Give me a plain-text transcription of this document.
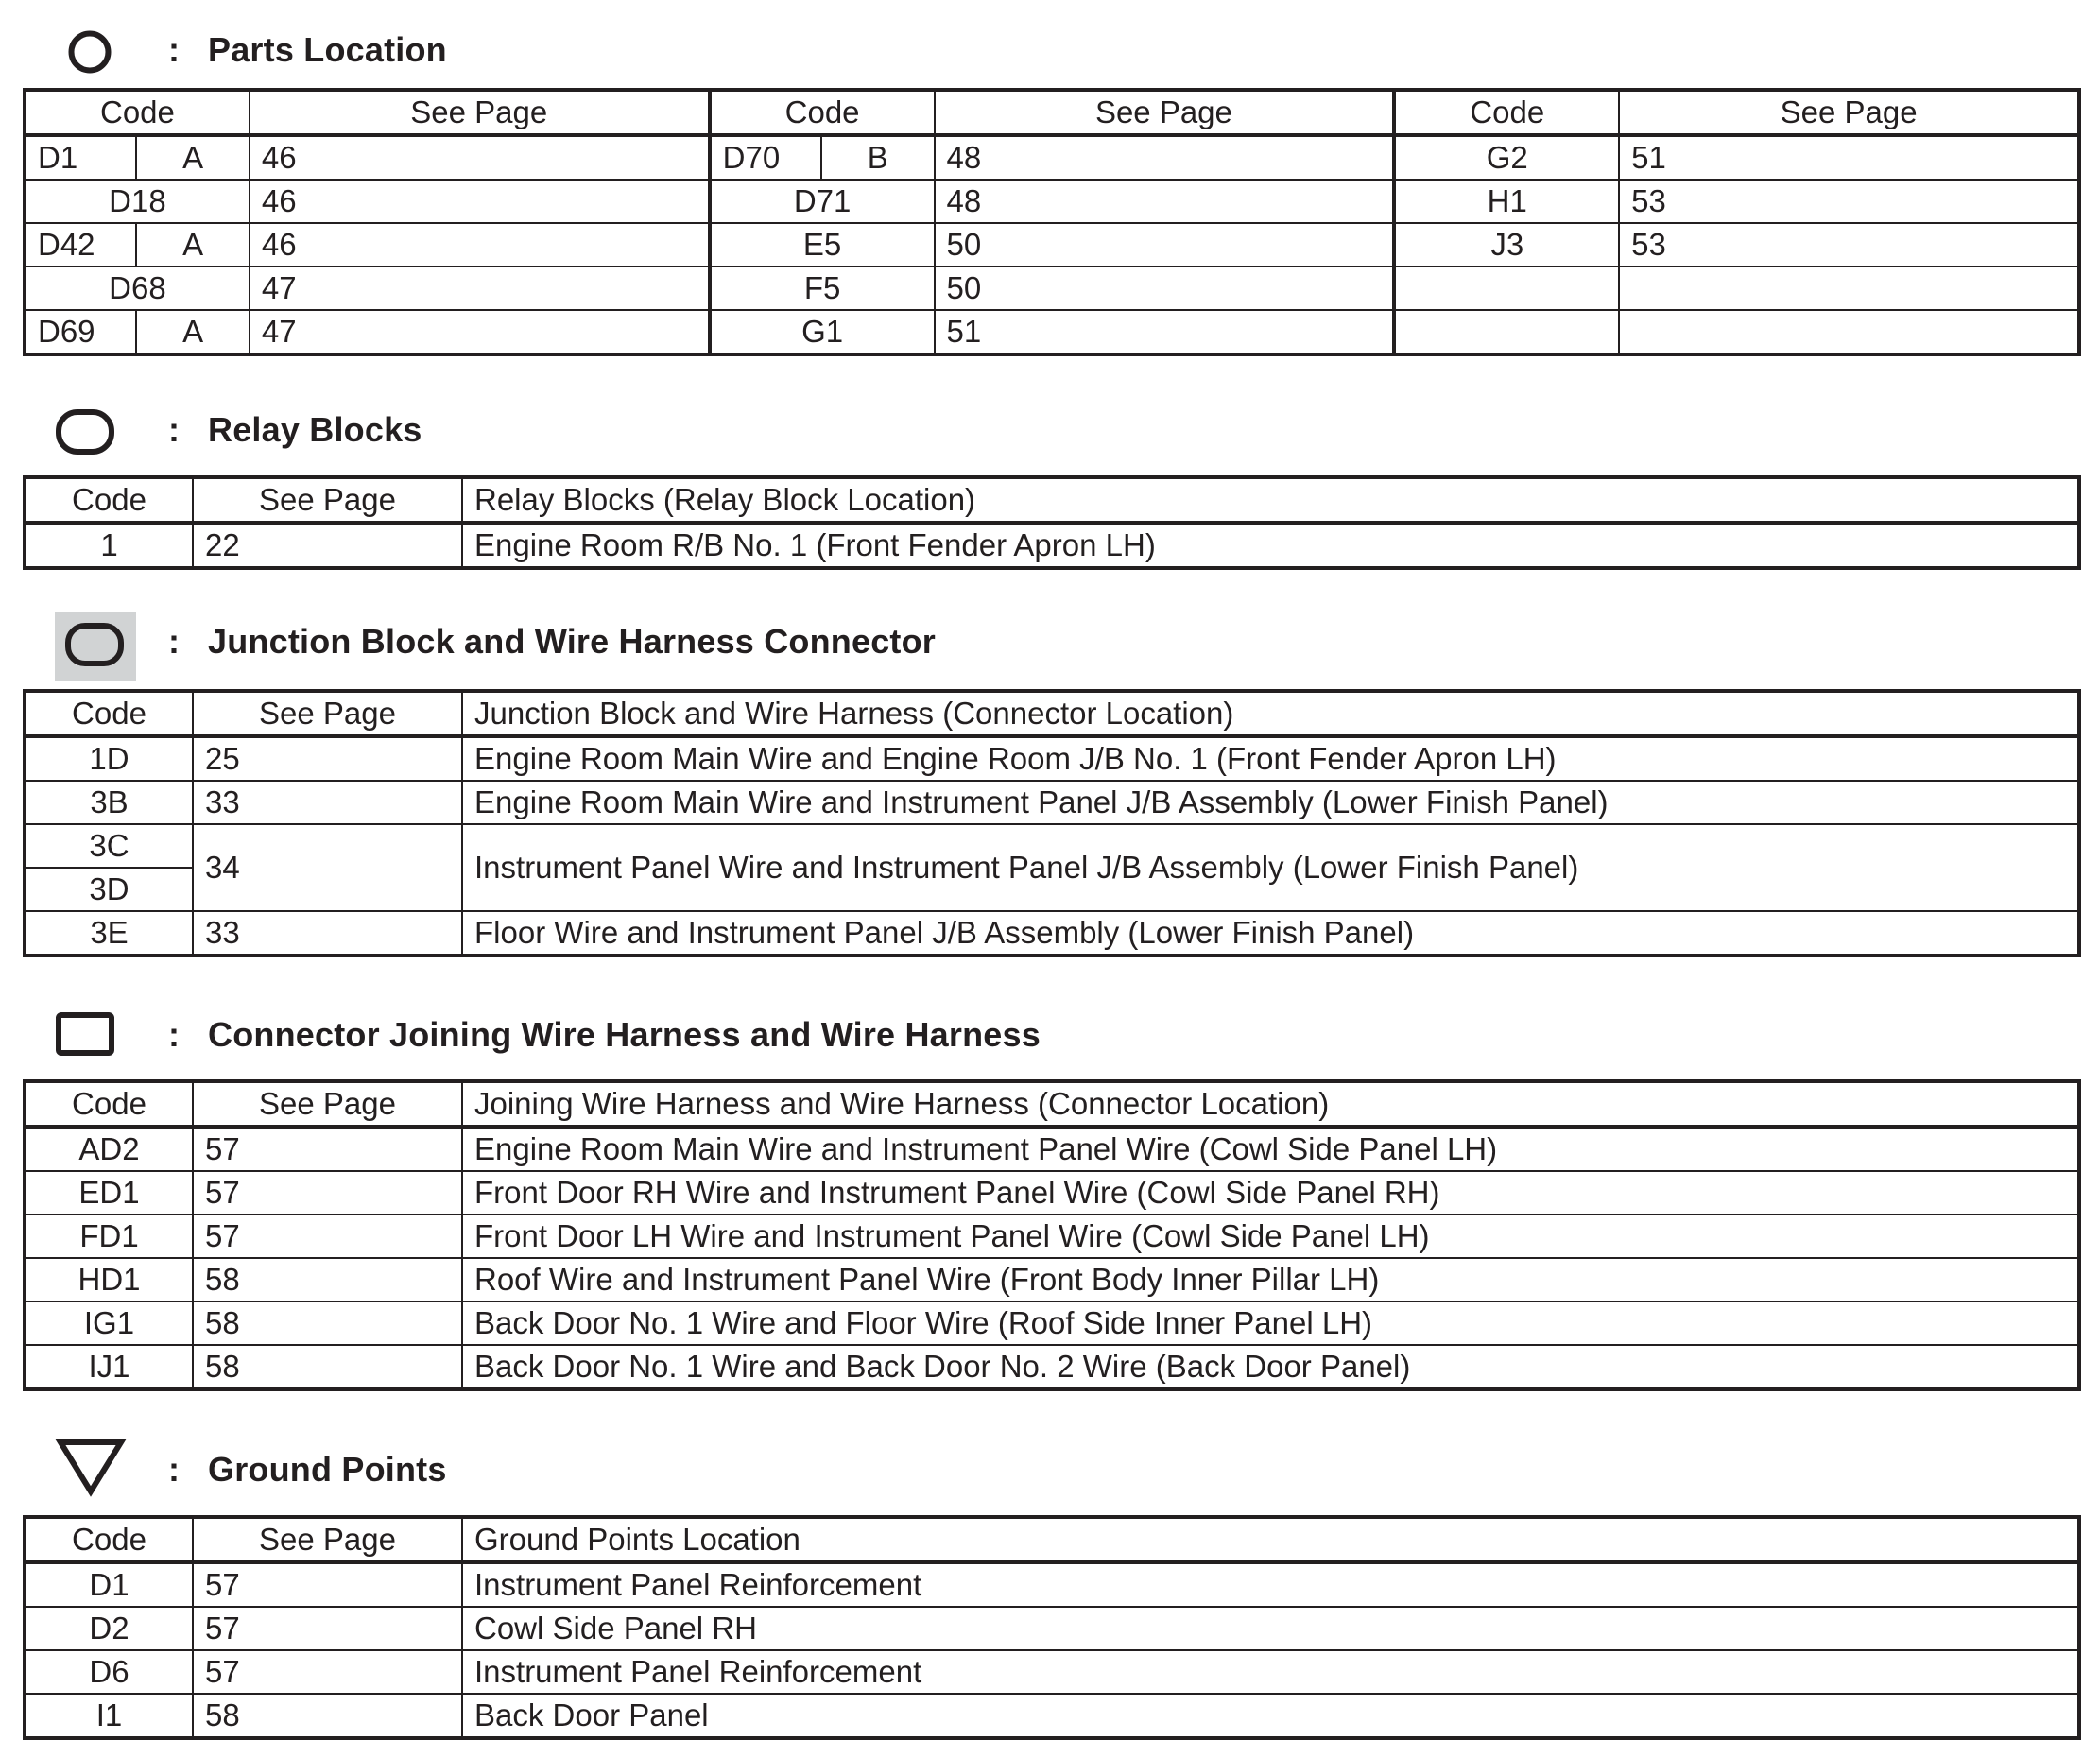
: Parts Location
Code		See Page	Code		See Page	Code	See Page
D1	A	46	D70	B	48	G2	51
D18		46	D71		48	H1	53
D42	A	46	E5		50	J3	53
D68		47	F5		50		
D69	A	47	G1		51		
: Relay Blocks
Code	See Page	Relay Blocks (Relay Block Location)
1	22	Engine Room R/B No. 1 (Front Fender Apron LH)
: Junction Block and Wire Harness Connector
Code	See Page	Junction Block and Wire Harness (Connector Location)
1D	25	Engine Room Main Wire and Engine Room J/B No. 1 (Front Fender Apron LH)
3B	33	Engine Room Main Wire and Instrument Panel J/B Assembly (Lower Finish Panel)
3C	34	Instrument Panel Wire and Instrument Panel J/B Assembly (Lower Finish Panel)
3D		
3E	33	Floor Wire and Instrument Panel J/B Assembly (Lower Finish Panel)
: Connector Joining Wire Harness and Wire Harness
Code	See Page	Joining Wire Harness and Wire Harness (Connector Location)
AD2	57	Engine Room Main Wire and Instrument Panel Wire (Cowl Side Panel LH)
ED1	57	Front Door RH Wire and Instrument Panel Wire (Cowl Side Panel RH)
FD1	57	Front Door LH Wire and Instrument Panel Wire (Cowl Side Panel LH)
HD1	58	Roof Wire and Instrument Panel Wire (Front Body Inner Pillar LH)
IG1	58	Back Door No. 1 Wire and Floor Wire (Roof Side Inner Panel LH)
IJ1	58	Back Door No. 1 Wire and Back Door No. 2 Wire (Back Door Panel)
: Ground Points
Code	See Page	Ground Points Location
D1	57	Instrument Panel Reinforcement
D2	57	Cowl Side Panel RH
D6	57	Instrument Panel Reinforcement
I1	58	Back Door Panel
